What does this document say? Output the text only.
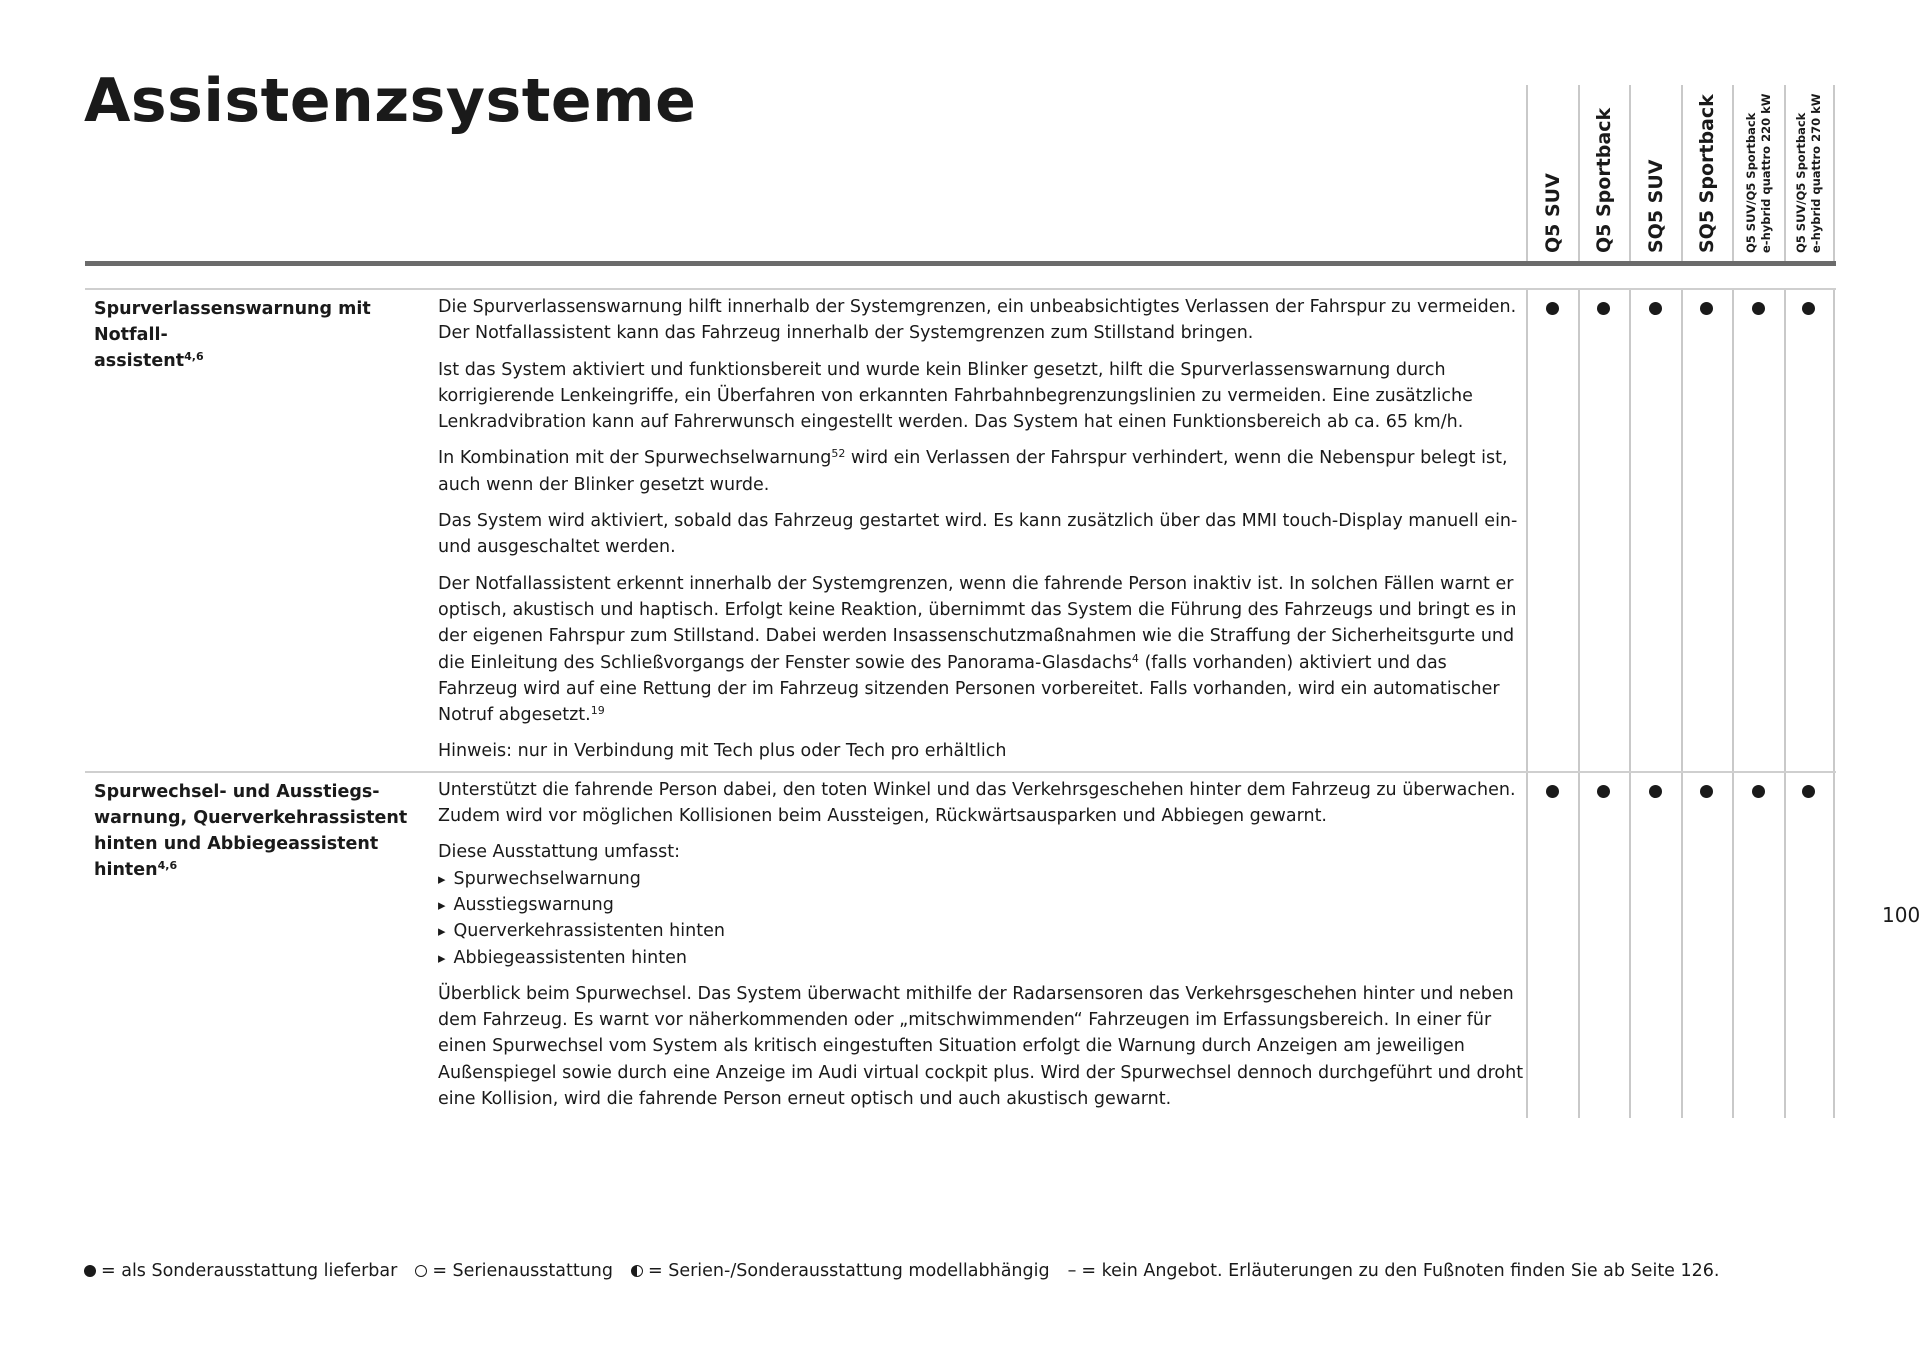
Assistenzsysteme
Q5 SUV Q5 Sportback SQ5 SUV SQ5 Sportback Q5 SUV/Q5 Sportback e-hybrid quattro 220 kW Q5 SUV/Q5 Sportback e-hybrid quattro 270 kW
Spurverlassenswarnung mit Notfall-
assistent$^{4,6}$

Die Spurverlassenswarnung hilft innerhalb der Systemgrenzen, ein unbeabsichtigtes Verlassen der Fahrspur zu vermeiden. Der Notfallassistent kann das Fahrzeug innerhalb der Systemgrenzen zum Stillstand bringen.

Ist das System aktiviert und funktionsbereit und wurde kein Blinker gesetzt, hilft die Spurverlassenswarnung durch korrigierende Lenkeingriffe, ein Überfahren von erkannten Fahrbahnbegrenzungslinien zu vermeiden. Eine zusätzliche Lenkradvibration kann auf Fahrerwunsch eingestellt werden. Das System hat einen Funktionsbereich ab ca. 65 km/h.

In Kombination mit der Spurwechselwarnung$^{52}$ wird ein Verlassen der Fahrspur verhindert, wenn die Nebenspur belegt ist, auch wenn der Blinker gesetzt wurde.

Das System wird aktiviert, sobald das Fahrzeug gestartet wird. Es kann zusätzlich über das MMI touch-Display manuell ein- und ausgeschaltet werden.

Der Notfallassistent erkennt innerhalb der Systemgrenzen, wenn die fahrende Person inaktiv ist. In solchen Fällen warnt er optisch, akustisch und haptisch. Erfolgt keine Reaktion, übernimmt das System die Führung des Fahrzeugs und bringt es in der eigenen Fahrspur zum Stillstand. Dabei werden Insassenschutzmaßnahmen wie die Straffung der Sicherheitsgurte und die Einleitung des Schließvorgangs der Fenster sowie des Panorama-Glasdachs$^4$ (falls vorhanden) aktiviert und das Fahrzeug wird auf eine Rettung der im Fahrzeug sitzenden Personen vorbereitet. Falls vorhanden, wird ein automatischer Notruf abgesetzt.$^{19}$

Hinweis: nur in Verbindung mit Tech plus oder Tech pro erhältlich

Spurwechsel- und Ausstiegs-
warnung, Querverkehrassistent
hinten und Abbiegeassistent
hinten$^{4,6}$

Unterstützt die fahrende Person dabei, den toten Winkel und das Verkehrsgeschehen hinter dem Fahrzeug zu überwachen. Zudem wird vor möglichen Kollisionen beim Aussteigen, Rückwärtsausparken und Abbiegen gewarnt.

Diese Ausstattung umfasst:
▸ Spurwechselwarnung
▸ Ausstiegswarnung
▸ Querverkehrassistenten hinten
▸ Abbiegeassistenten hinten

Überblick beim Spurwechsel. Das System überwacht mithilfe der Radarsensoren das Verkehrsgeschehen hinter und neben dem Fahrzeug. Es warnt vor näherkommenden oder „mitschwimmenden“ Fahrzeugen im Erfassungsbereich. In einer für einen Spurwechsel vom System als kritisch eingestuften Situation erfolgt die Warnung durch Anzeigen am jeweiligen Außenspiegel sowie durch eine Anzeige im Audi virtual cockpit plus. Wird der Spurwechsel dennoch durchgeführt und droht eine Kollision, wird die fahrende Person erneut optisch und auch akustisch gewarnt.

100
= als Sonderausstattung lieferbar = Serienausstattung = Serien-/Sonderausstattung modellabhängig – = kein Angebot. Erläuterungen zu den Fußnoten finden Sie ab Seite 126.
